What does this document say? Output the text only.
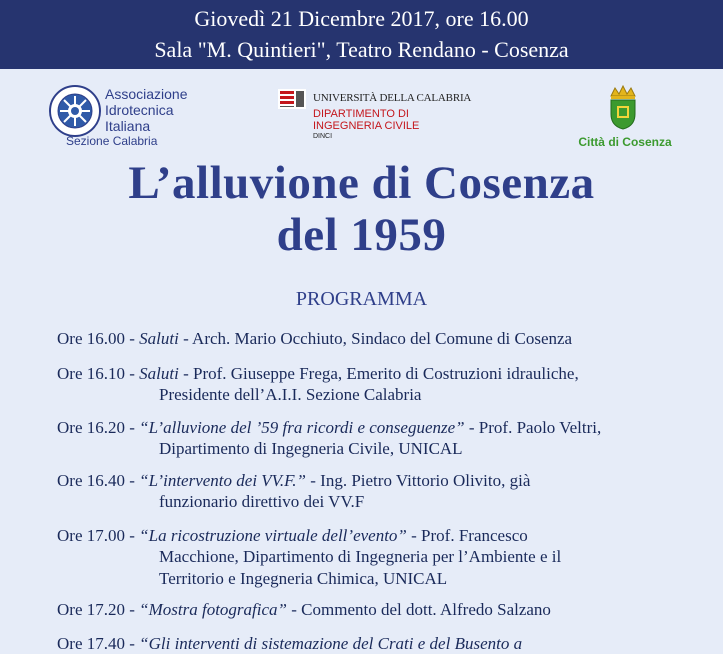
Giovedì 21 Dicembre 2017, ore 16.00
Sala "M. Quintieri", Teatro Rendano - Cosenza
Associazione
Idrotecnica
Italiana
Sezione Calabria
UNIVERSITÀ DELLA CALABRIA
DIPARTIMENTO DI
INGEGNERIA CIVILE
DINCI	Città di Cosenza
L’alluvione di Cosenza
del 1959
PROGRAMMA
Ore 16.00 - Saluti - Arch. Mario Occhiuto, Sindaco del Comune di Cosenza
Ore 16.10 - Saluti - Prof. Giuseppe Frega, Emerito di Costruzioni idrauliche,
Presidente dell’A.I.I. Sezione Calabria
Ore 16.20 - “L’alluvione del ’59 fra ricordi e conseguenze” - Prof. Paolo Veltri,
Dipartimento di Ingegneria Civile, UNICAL
Ore 16.40 - “L’intervento dei VV.F.” - Ing. Pietro Vittorio Olivito, già
funzionario direttivo dei VV.F
Ore 17.00 - “La ricostruzione virtuale dell’evento” - Prof. Francesco
Macchione, Dipartimento di Ingegneria per l’Ambiente e il
Territorio e Ingegneria Chimica, UNICAL
Ore 17.20 - “Mostra fotografica” - Commento del dott. Alfredo Salzano
Ore 17.40 - “Gli interventi di sistemazione del Crati e del Busento a
